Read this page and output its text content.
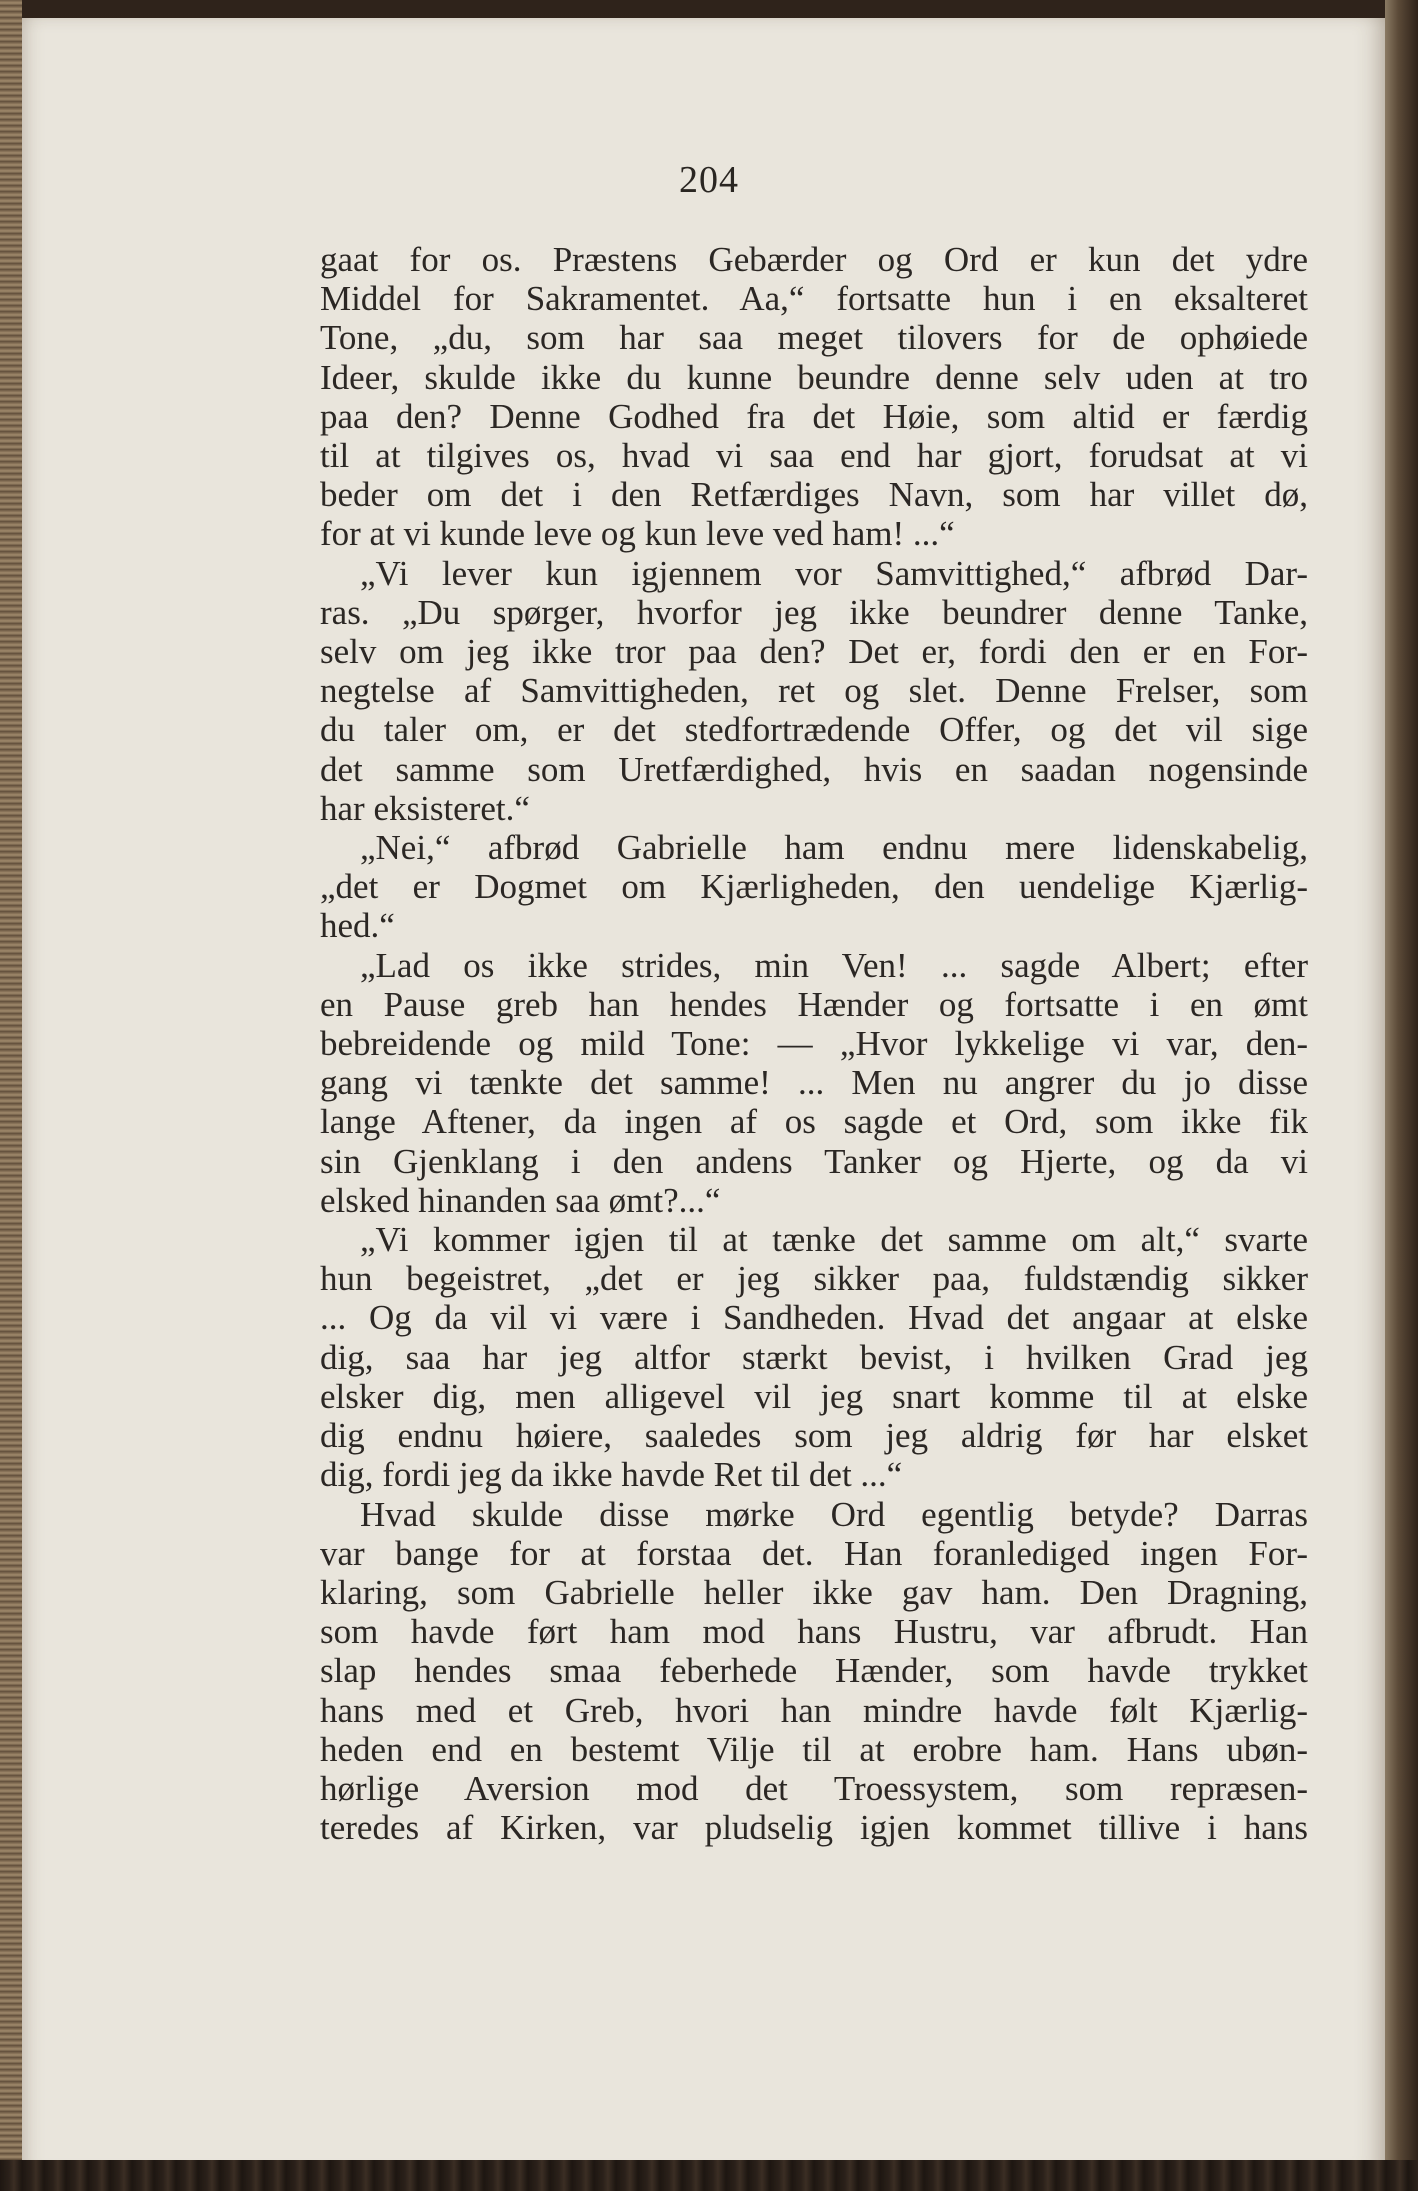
204
gaat for os. Præstens Gebærder og Ord er kun det ydre
Middel for Sakramentet. Aa,“ fortsatte hun i en eksalteret
Tone, „du, som har saa meget tilovers for de ophøiede
Ideer, skulde ikke du kunne beundre denne selv uden at tro
paa den? Denne Godhed fra det Høie, som altid er færdig
til at tilgives os, hvad vi saa end har gjort, forudsat at vi
beder om det i den Retfærdiges Navn, som har villet dø,
for at vi kunde leve og kun leve ved ham! ...“
„Vi lever kun igjennem vor Samvittighed,“ afbrød Dar-
ras. „Du spørger, hvorfor jeg ikke beundrer denne Tanke,
selv om jeg ikke tror paa den? Det er, fordi den er en For-
negtelse af Samvittigheden, ret og slet. Denne Frelser, som
du taler om, er det stedfortrædende Offer, og det vil sige
det samme som Uretfærdighed, hvis en saadan nogensinde
har eksisteret.“
„Nei,“ afbrød Gabrielle ham endnu mere lidenskabelig,
„det er Dogmet om Kjærligheden, den uendelige Kjærlig-
hed.“
„Lad os ikke strides, min Ven! ... sagde Albert; efter
en Pause greb han hendes Hænder og fortsatte i en ømt
bebreidende og mild Tone: — „Hvor lykkelige vi var, den-
gang vi tænkte det samme! ... Men nu angrer du jo disse
lange Aftener, da ingen af os sagde et Ord, som ikke fik
sin Gjenklang i den andens Tanker og Hjerte, og da vi
elsked hinanden saa ømt?...“
„Vi kommer igjen til at tænke det samme om alt,“ svarte
hun begeistret, „det er jeg sikker paa, fuldstændig sikker
... Og da vil vi være i Sandheden. Hvad det angaar at elske
dig, saa har jeg altfor stærkt bevist, i hvilken Grad jeg
elsker dig, men alligevel vil jeg snart komme til at elske
dig endnu høiere, saaledes som jeg aldrig før har elsket
dig, fordi jeg da ikke havde Ret til det ...“
Hvad skulde disse mørke Ord egentlig betyde? Darras
var bange for at forstaa det. Han foranlediged ingen For-
klaring, som Gabrielle heller ikke gav ham. Den Dragning,
som havde ført ham mod hans Hustru, var afbrudt. Han
slap hendes smaa feberhede Hænder, som havde trykket
hans med et Greb, hvori han mindre havde følt Kjærlig-
heden end en bestemt Vilje til at erobre ham. Hans ubøn-
hørlige Aversion mod det Troessystem, som repræsen-
teredes af Kirken, var pludselig igjen kommet tillive i hans
